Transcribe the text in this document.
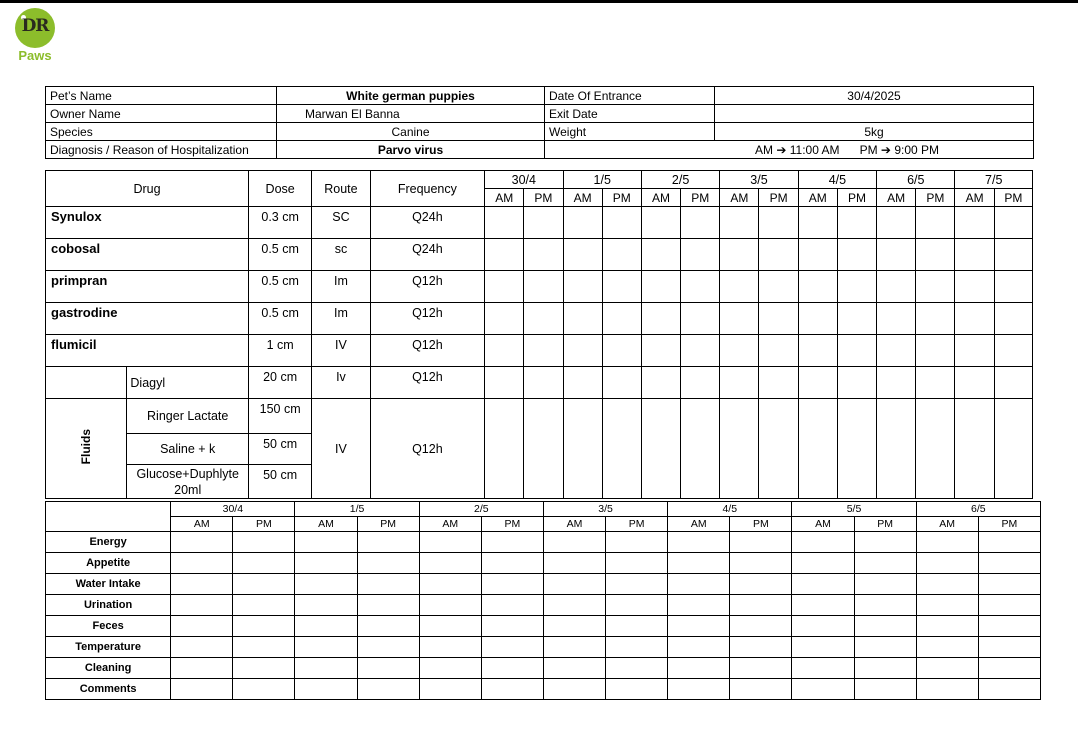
DR
Paws
Pet’s Name	White german puppies	Date Of Entrance	30/4/2025
Owner Name	Marwan El Banna	Exit Date	
Species	Canine	Weight	5kg
Diagnosis / Reason of Hospitalization	Parvo virus	AM ➔ 11:00 AM PM ➔ 9:00 PM	
Drug		Dose	Route	Frequency	30/4		1/5		2/5		3/5		4/5		6/5		7/5	
					AM	PM	AM	PM	AM	PM	AM	PM	AM	PM	AM	PM	AM	PM
Synulox		0.3 cm	SC	Q24h														
cobosal		0.5 cm	sc	Q24h														
primpran		0.5 cm	Im	Q12h														
gastrodine		0.5 cm	Im	Q12h														
flumicil		1 cm	IV	Q12h														
	Diagyl	20 cm	Iv	Q12h														
Fluids	Ringer Lactate	150 cm	IV	Q12h														
	Saline + k	50 cm																
	Glucose+Duphlyte 20ml	50 cm																
	30/4		1/5		2/5		3/5		4/5		5/5		6/5	
	AM	PM	AM	PM	AM	PM	AM	PM	AM	PM	AM	PM	AM	PM
Energy														
Appetite														
Water Intake														
Urination														
Feces														
Temperature														
Cleaning														
Comments														
